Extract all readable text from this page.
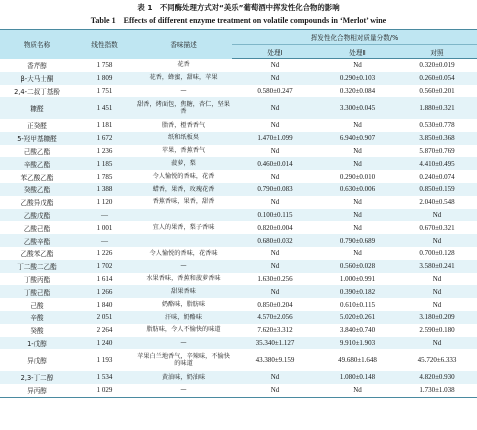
表 1　不同酶处理方式对“美乐”葡萄酒中挥发性化合物的影响
Table 1　Effects of different enzyme treatment on volatile compounds in ‘Merlot’ wine
物质名称	线性指数	香味描述	挥发性化合物相对质量分数/%		
			处理Ⅰ	处理Ⅱ	对照
香芹醇	1 758	花香	Nd	Nd	0.320±0.019
β-大马士酮	1 809	花香，蜂蜜，甜味，苹果	Nd	0.290±0.103	0.260±0.054
2,4-二叔丁基酚	1 751	—	0.580±0.247	0.320±0.084	0.560±0.201
糠醛	1 451	甜香，烤面包，焦糖，杏仁，坚果香	Nd	3.300±0.045	1.880±0.321
正癸醛	1 181	脂香，橙香香气	Nd	Nd	0.530±0.778
5-羟甲基糠醛	1 672	纸和纸板臭	1.470±1.099	6.940±0.907	3.850±0.368
己酸乙酯	1 236	苹果，香蕉香气	Nd	Nd	5.870±0.769
辛酸乙酯	1 185	菠萝，梨	0.460±0.014	Nd	4.410±0.495
苯乙酸乙酯	1 785	令人愉悦的香味，花香	Nd	0.290±0.010	0.240±0.074
癸酸乙酯	1 388	蜡香，果香，玫瑰花香	0.790±0.083	0.630±0.006	0.850±0.159
乙酸异戊酯	1 120	香蕉香味，果香，甜香	Nd	Nd	2.040±0.548
乙酸戊酯	—		0.100±0.115	Nd	Nd
乙酸己酯	1 001	宜人的果香，梨子香味	0.820±0.004	Nd	0.670±0.321
乙酸辛酯	—		0.680±0.032	0.790±0.689	Nd
乙酸苯乙酯	1 226	令人愉悦的香味，花香味	Nd	Nd	0.700±0.128
丁二酸二乙酯	1 702	—	Nd	0.560±0.028	3.580±0.241
丁酸丙酯	1 614	水果香味，香蕉和菠萝香味	1.630±0.256	1.000±0.991	Nd
丁酸己酯	1 266	甜果香味	Nd	0.390±0.182	Nd
己酸	1 840	奶酪味，脂肪味	0.850±0.204	0.610±0.115	Nd
辛酸	2 051	汗味，奶酪味	4.570±2.056	5.020±0.261	3.180±0.209
癸酸	2 264	脂肪味，令人不愉快的味道	7.620±3.312	3.840±0.740	2.590±0.180
1-戊醇	1 240	—	35.340±1.127	9.910±1.903	Nd
异戊醇	1 193	苹果白兰地香气，辛辣味，不愉快的味道	43.380±9.159	49.680±1.648	45.720±6.333
2,3-丁二醇	1 534	黄油味，奶油味	Nd	1.080±0.148	4.820±0.930
异丙醇	1 029	—	Nd	Nd	1.730±1.038
